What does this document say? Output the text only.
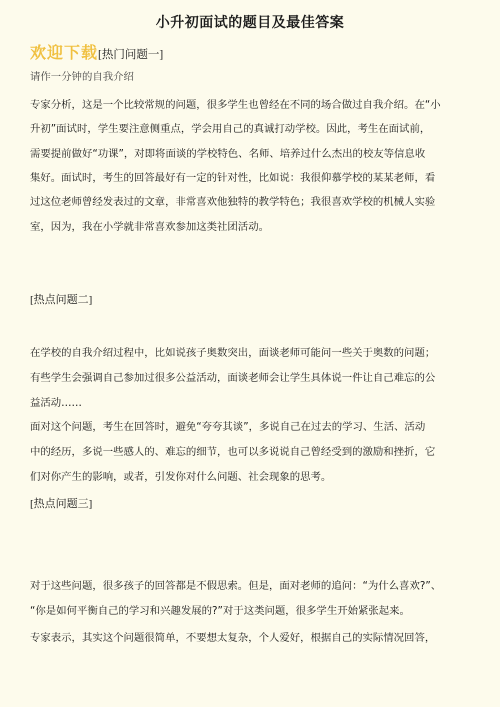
小升初面试的题目及最佳答案
欢迎下载[热门问题一]
请作一分钟的自我介绍
专家分析，这是一个比较常规的问题，很多学生也曾经在不同的场合做过自我介绍。在“小
升初”面试时，学生要注意侧重点，学会用自己的真诚打动学校。因此，考生在面试前，
需要提前做好“功课”，对即将面谈的学校特色、名师、培养过什么杰出的校友等信息收
集好。面试时，考生的回答最好有一定的针对性，比如说：我很仰慕学校的某某老师，看
过这位老师曾经发表过的文章，非常喜欢他独特的教学特色；我很喜欢学校的机械人实验
室，因为，我在小学就非常喜欢参加这类社团活动。
[热点问题二]
在学校的自我介绍过程中，比如说孩子奥数突出，面谈老师可能问一些关于奥数的问题；
有些学生会强调自己参加过很多公益活动，面谈老师会让学生具体说一件让自己难忘的公
益活动……
面对这个问题，考生在回答时，避免“夸夸其谈”，多说自己在过去的学习、生活、活动
中的经历，多说一些感人的、难忘的细节，也可以多说说自己曾经受到的激励和挫折，它
们对你产生的影响，或者，引发你对什么问题、社会现象的思考。
[热点问题三]
对于这些问题，很多孩子的回答都是不假思索。但是，面对老师的追问：“为什么喜欢?”、
“你是如何平衡自己的学习和兴趣发展的?”对于这类问题，很多学生开始紧张起来。
专家表示，其实这个问题很简单，不要想太复杂，个人爱好，根据自己的实际情况回答，
